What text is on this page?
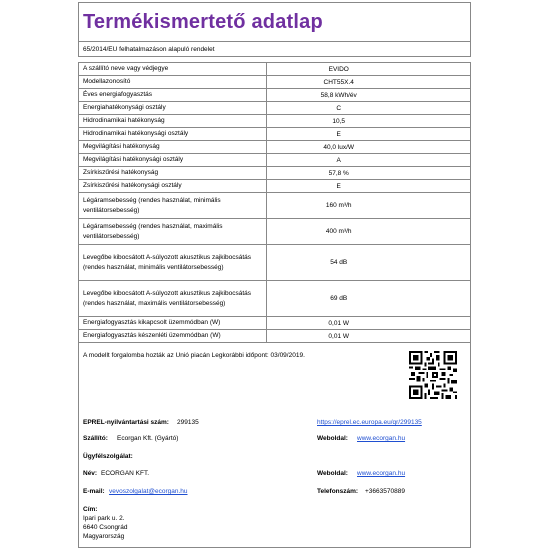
Termékismertető adatlap
65/2014/EU felhatalmazáson alapuló rendelet
A szállító neve vagy védjegye	EVIDO
Modellazonosító	CHT55X.4
Éves energiafogyasztás	58,8 kWh/év
Energiahatékonysági osztály	C
Hidrodinamikai hatékonyság	10,5
Hidrodinamikai hatékonysági osztály	E
Megvilágítási hatékonyság	40,0 lux/W
Megvilágítási hatékonysági osztály	A
Zsírkiszűrési hatékonyság	57,8 %
Zsírkiszűrési hatékonysági osztály	E
Légáramsebesség (rendes használat, minimális ventilátorsebesség)	160 m³/h
Légáramsebesség (rendes használat, maximális ventilátorsebesség)	400 m³/h
Levegőbe kibocsátott A-súlyozott akusztikus zajkibocsátás (rendes használat, minimális ventilátorsebesség)	54 dB
Levegőbe kibocsátott A-súlyozott akusztikus zajkibocsátás (rendes használat, maximális ventilátorsebesség)	69 dB
Energiafogyasztás kikapcsolt üzemmódban (W)	0,01 W
Energiafogyasztás készenléti üzemmódban (W)	0,01 W
A modellt forgalomba hozták az Unió piacán Legkorábbi időpont: 03/09/2019.
EPREL-nyilvántartási szám: 299135	https://eprel.ec.europa.eu/qr/299135
Szállító: Ecorgan Kft. (Gyártó)	Weboldal: www.ecorgan.hu
Ügyfélszolgálat:
Név: ECORGAN KFT.	Weboldal: www.ecorgan.hu
E-mail: vevoszolgalat@ecorgan.hu	Telefonszám: +3663570889
Cím:
Ipari park u. 2.
6640 Csongrád
Magyarország
